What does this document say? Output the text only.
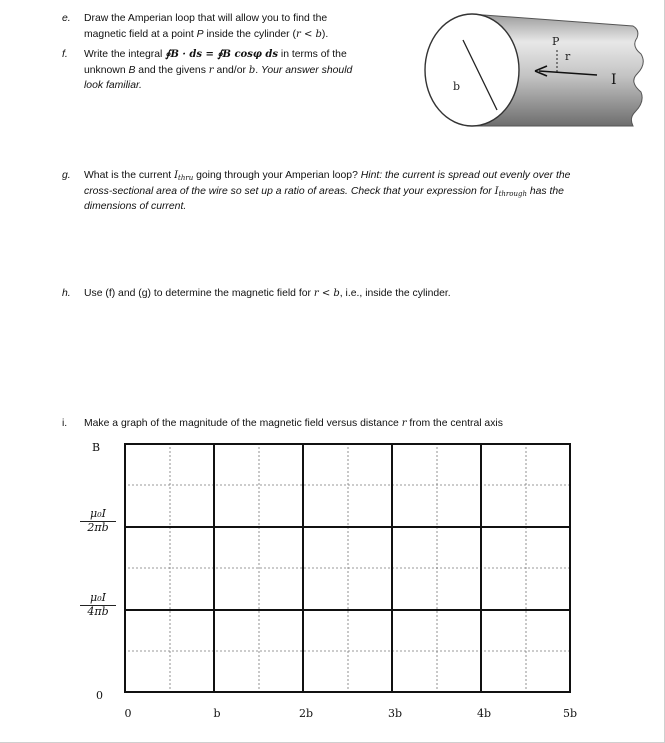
e. Draw the Amperian loop that will allow you to find the
magnetic field at a point P inside the cylinder (r < b).
f. Write the integral ∮B · ds = ∮B cosφ ds in terms of the
unknown B and the givens r and/or b. Your answer should
look familiar.	b
P
r
I
g. What is the current $I_{thru}$ going through your Amperian loop? Hint: the current is spread out evenly over the
cross-sectional area of the wire so set up a ratio of areas. Check that your expression for $I_{through}$ has the
dimensions of current.
h. Use (f) and (g) to determine the magnetic field for r < b, i.e., inside the cylinder.
i. Make a graph of the magnitude of the magnetic field versus distance r from the central axis
B
$\frac{\text{μ₀I}}{2\pi b}$
$\frac{\text{μ₀I}}{4\pi b}$
0
0	b	2b	3b	4b	5b
